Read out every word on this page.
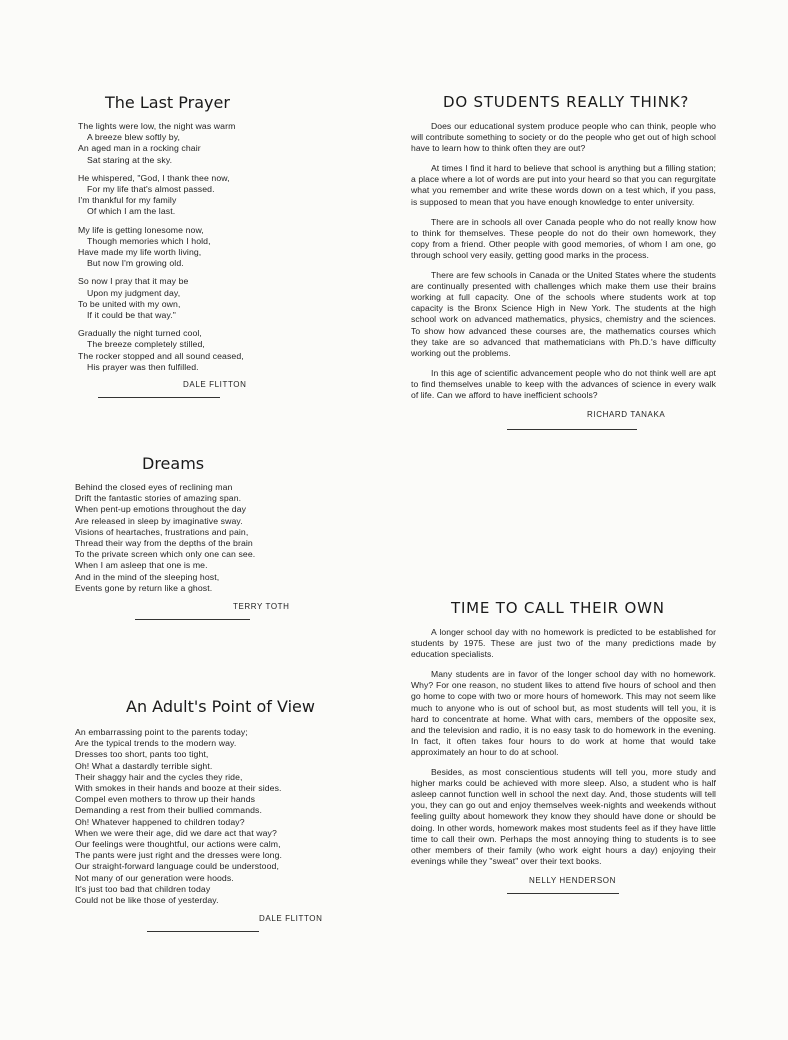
The Last Prayer
The lights were low, the night was warm
A breeze blew softly by,
An aged man in a rocking chair
Sat staring at the sky.
He whispered, "God, I thank thee now,
For my life that's almost passed.
I'm thankful for my family
Of which I am the last.
My life is getting lonesome now,
Though memories which I hold,
Have made my life worth living,
But now I'm growing old.
So now I pray that it may be
Upon my judgment day,
To be united with my own,
If it could be that way."
Gradually the night turned cool,
The breeze completely stilled,
The rocker stopped and all sound ceased,
His prayer was then fulfilled.
DALE FLITTON
Dreams
Behind the closed eyes of reclining man
Drift the fantastic stories of amazing span.
When pent-up emotions throughout the day
Are released in sleep by imaginative sway.
Visions of heartaches, frustrations and pain,
Thread their way from the depths of the brain
To the private screen which only one can see.
When I am asleep that one is me.
And in the mind of the sleeping host,
Events gone by return like a ghost.
TERRY TOTH
An Adult's Point of View
An embarrassing point to the parents today;
Are the typical trends to the modern way.
Dresses too short, pants too tight,
Oh! What a dastardly terrible sight.
Their shaggy hair and the cycles they ride,
With smokes in their hands and booze at their sides.
Compel even mothers to throw up their hands
Demanding a rest from their bullied commands.
Oh! Whatever happened to children today?
When we were their age, did we dare act that way?
Our feelings were thoughtful, our actions were calm,
The pants were just right and the dresses were long.
Our straight-forward language could be understood,
Not many of our generation were hoods.
It's just too bad that children today
Could not be like those of yesterday.
DALE FLITTON
DO STUDENTS REALLY THINK?

Does our educational system produce people who can think, people who will contribute something to society or do the people who get out of high school have to learn how to think often they are out?

At times I find it hard to believe that school is anything but a filling station; a place where a lot of words are put into your heard so that you can regurgitate what you remember and write these words down on a test which, if you pass, is supposed to mean that you have enough knowledge to enter university.

There are in schools all over Canada people who do not really know how to think for themselves. These people do not do their own homework, they copy from a friend. Other people with good memories, of whom I am one, go through school very easily, getting good marks in the process.

There are few schools in Canada or the United States where the students are continually presented with challenges which make them use their brains working at full capacity. One of the schools where students work at top capacity is the Bronx Science High in New York. The students at the high school work on advanced mathematics, physics, chemistry and the sciences. To show how advanced these courses are, the mathematics courses which they take are so advanced that mathematicians with Ph.D.'s have difficulty working out the problems.

In this age of scientific advancement people who do not think well are apt to find themselves unable to keep with the advances of science in every walk of life. Can we afford to have inefficient schools?

RICHARD TANAKA
TIME TO CALL THEIR OWN

A longer school day with no homework is predicted to be established for students by 1975. These are just two of the many predictions made by education specialists.

Many students are in favor of the longer school day with no homework. Why? For one reason, no student likes to attend five hours of school and then go home to cope with two or more hours of homework. This may not seem like much to anyone who is out of school but, as most students will tell you, it is hard to concentrate at home. What with cars, members of the opposite sex, and the television and radio, it is no easy task to do homework in the evening. In fact, it often takes four hours to do work at home that would take approximately an hour to do at school.

Besides, as most conscientious students will tell you, more study and higher marks could be achieved with more sleep. Also, a student who is half asleep cannot function well in school the next day. And, those students will tell you, they can go out and enjoy themselves week-nights and weekends without feeling guilty about homework they know they should have done or should be doing. In other words, homework makes most students feel as if they have little time to call their own. Perhaps the most annoying thing to students is to see other members of their family (who work eight hours a day) enjoying their evenings while they "sweat" over their text books.

NELLY HENDERSON
